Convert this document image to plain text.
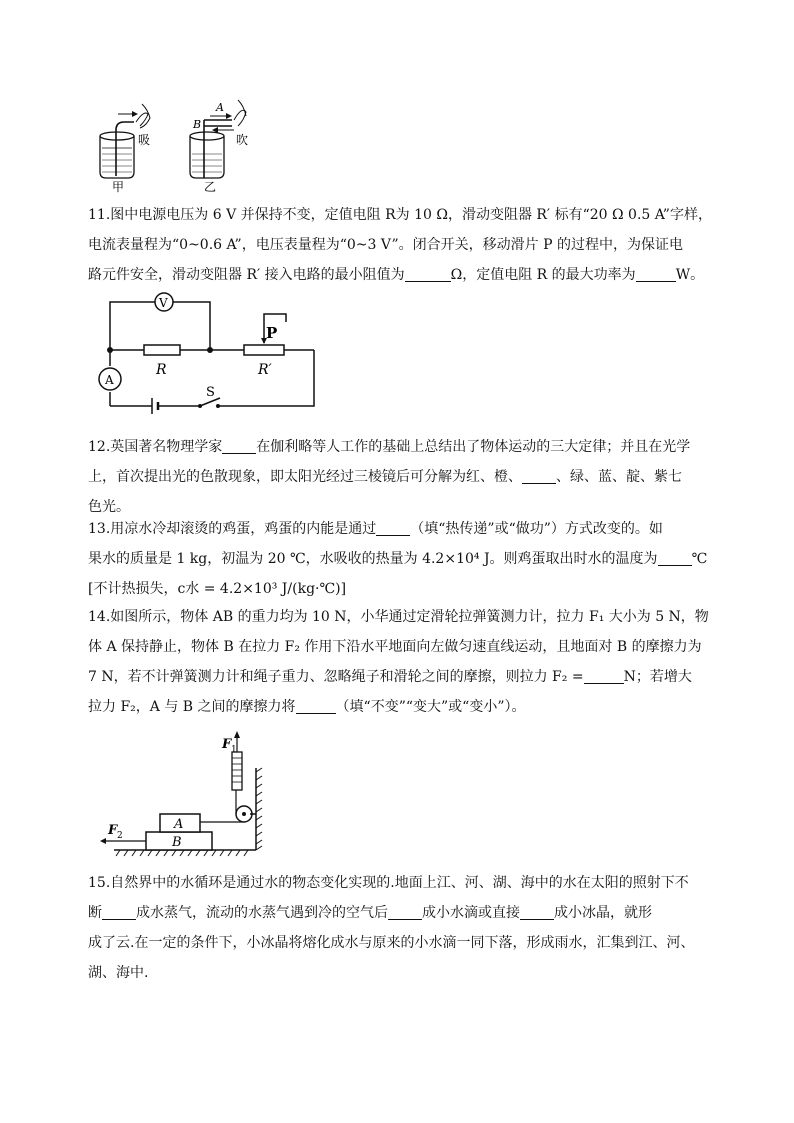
吸
甲
A
B
吹
乙
11.图中电源电压为 6 V 并保持不变，定值电阻 R为 10 Ω，滑动变阻器 R′ 标有“20 Ω 0.5 A”字样，
电流表量程为“0~0.6 A”，电压表量程为“0~3 V”。闭合开关，移动滑片 P 的过程中，为保证电
路元件安全，滑动变阻器 R′ 接入电路的最小阻值为	Ω，定值电阻 R 的最大功率为	W。
V
A
R	R′
P
S
12.英国著名物理学家 在伽利略等人工作的基础上总结出了物体运动的三大定律；并且在光学
上，首次提出光的色散现象，即太阳光经过三棱镜后可分解为红、橙、 、绿、蓝、靛、紫七
色光。
13.用凉水冷却滚烫的鸡蛋，鸡蛋的内能是通过 （填“热传递”或“做功”）方式改变的。如
果水的质量是 1 kg，初温为 20 ℃，水吸收的热量为 4.2×10⁴ J。则鸡蛋取出时水的温度为 ℃
[不计热损失，c水 = 4.2×10³ J/(kg·℃)]
14.如图所示，物体 AB 的重力均为 10 N，小华通过定滑轮拉弹簧测力计，拉力 F₁ 大小为 5 N，物
体 A 保持静止，物体 B 在拉力 F₂ 作用下沿水平地面向左做匀速直线运动，且地面对 B 的摩擦力为
7 N，若不计弹簧测力计和绳子重力、忽略绳子和滑轮之间的摩擦，则拉力 F₂ =	N；若增大
拉力 F₂，A 与 B 之间的摩擦力将	（填“不变”“变大”或“变小”）。
B
A
F 1
F 2
15.自然界中的水循环是通过水的物态变化实现的.地面上江、河、湖、海中的水在太阳的照射下不
断 成水蒸气，流动的水蒸气遇到冷的空气后 成小水滴或直接 成小冰晶，就形
成了云.在一定的条件下，小冰晶将熔化成水与原来的小水滴一同下落，形成雨水，汇集到江、河、
湖、海中.
